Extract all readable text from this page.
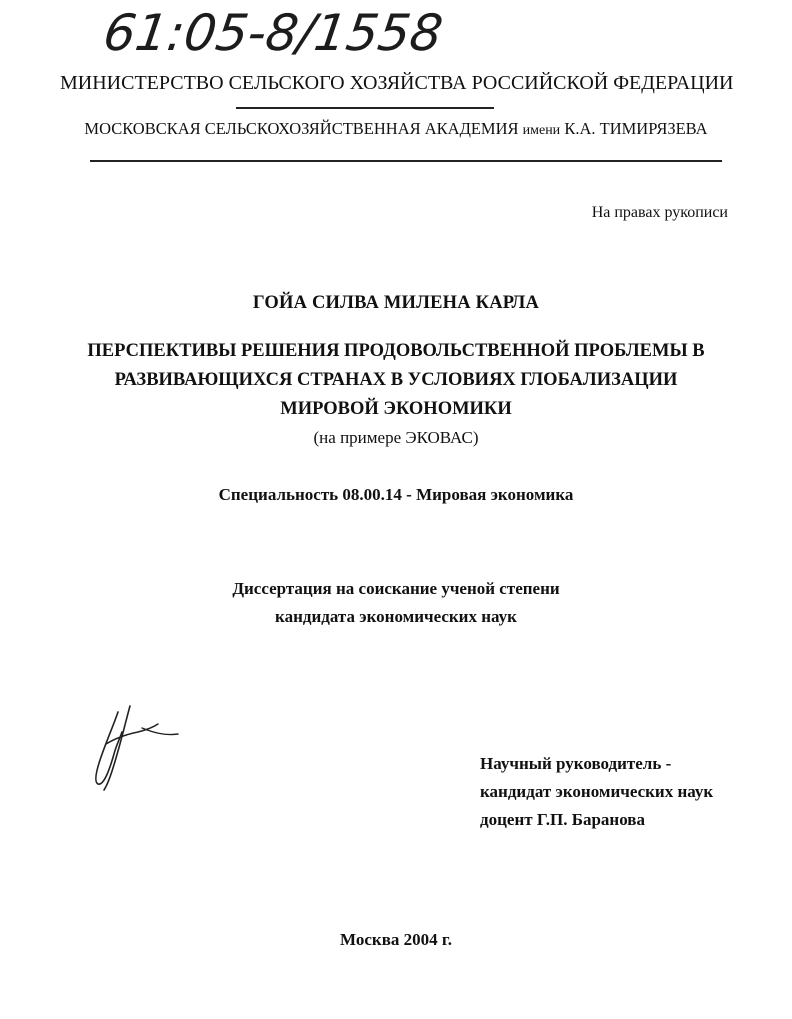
61:05-8/1558
МИНИСТЕРСТВО СЕЛЬСКОГО ХОЗЯЙСТВА РОССИЙСКОЙ ФЕДЕРАЦИИ
МОСКОВСКАЯ СЕЛЬСКОХОЗЯЙСТВЕННАЯ АКАДЕМИЯ имени К.А. ТИМИРЯЗЕВА
На правах рукописи
ГОЙА СИЛВА МИЛЕНА КАРЛА
ПЕРСПЕКТИВЫ РЕШЕНИЯ ПРОДОВОЛЬСТВЕННОЙ ПРОБЛЕМЫ В
РАЗВИВАЮЩИХСЯ СТРАНАХ В УСЛОВИЯХ ГЛОБАЛИЗАЦИИ
МИРОВОЙ ЭКОНОМИКИ
(на примере ЭКОВАС)
Специальность 08.00.14 - Мировая экономика
Диссертация на соискание ученой степени
кандидата экономических наук
Научный руководитель -
кандидат экономических наук
доцент Г.П. Баранова
Москва 2004 г.
